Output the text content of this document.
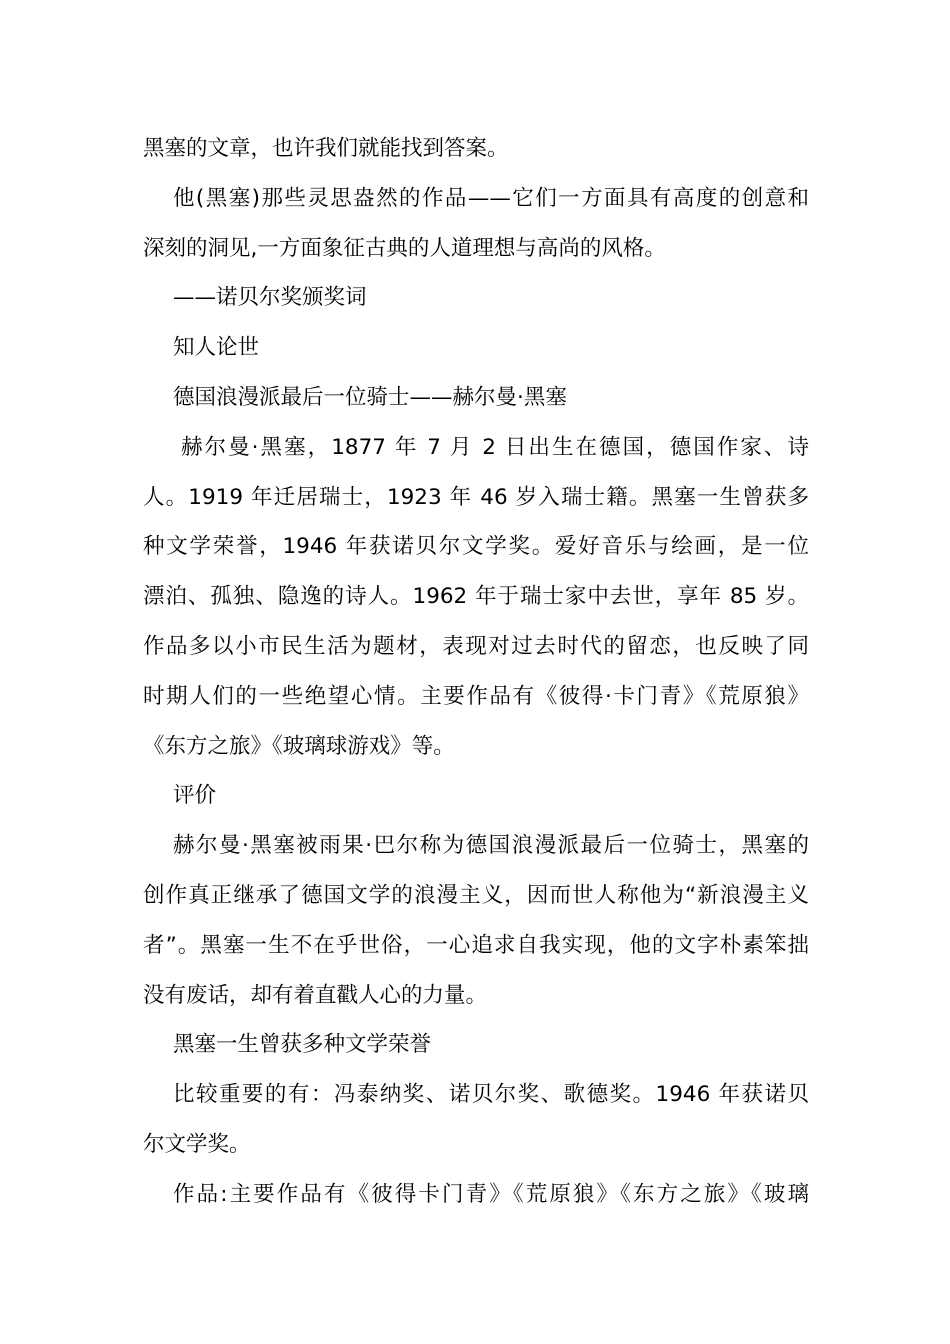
黑塞的文章，也许我们就能找到答案。
他(黑塞)那些灵思盎然的作品——它们一方面具有高度的创意和
深刻的洞见,一方面象征古典的人道理想与高尚的风格。
——诺贝尔奖颁奖词
知人论世
德国浪漫派最后一位骑士——赫尔曼·黑塞
赫尔曼·黑塞，1877 年 7 月 2 日出生在德国，德国作家、诗
人。1919 年迁居瑞士，1923 年 46 岁入瑞士籍。黑塞一生曾获多
种文学荣誉，1946 年获诺贝尔文学奖。爱好音乐与绘画，是一位
漂泊、孤独、隐逸的诗人。1962 年于瑞士家中去世，享年 85 岁。
作品多以小市民生活为题材，表现对过去时代的留恋，也反映了同
时期人们的一些绝望心情。主要作品有《彼得·卡门青》《荒原狼》
《东方之旅》《玻璃球游戏》等。
评价
赫尔曼·黑塞被雨果·巴尔称为德国浪漫派最后一位骑士，黑塞的
创作真正继承了德国文学的浪漫主义，因而世人称他为“新浪漫主义
者”。黑塞一生不在乎世俗，一心追求自我实现，他的文字朴素笨拙
没有废话，却有着直戳人心的力量。
黑塞一生曾获多种文学荣誉
比较重要的有：冯泰纳奖、诺贝尔奖、歌德奖。1946 年获诺贝
尔文学奖。
作品:主要作品有《彼得卡门青》《荒原狼》《东方之旅》《玻璃
